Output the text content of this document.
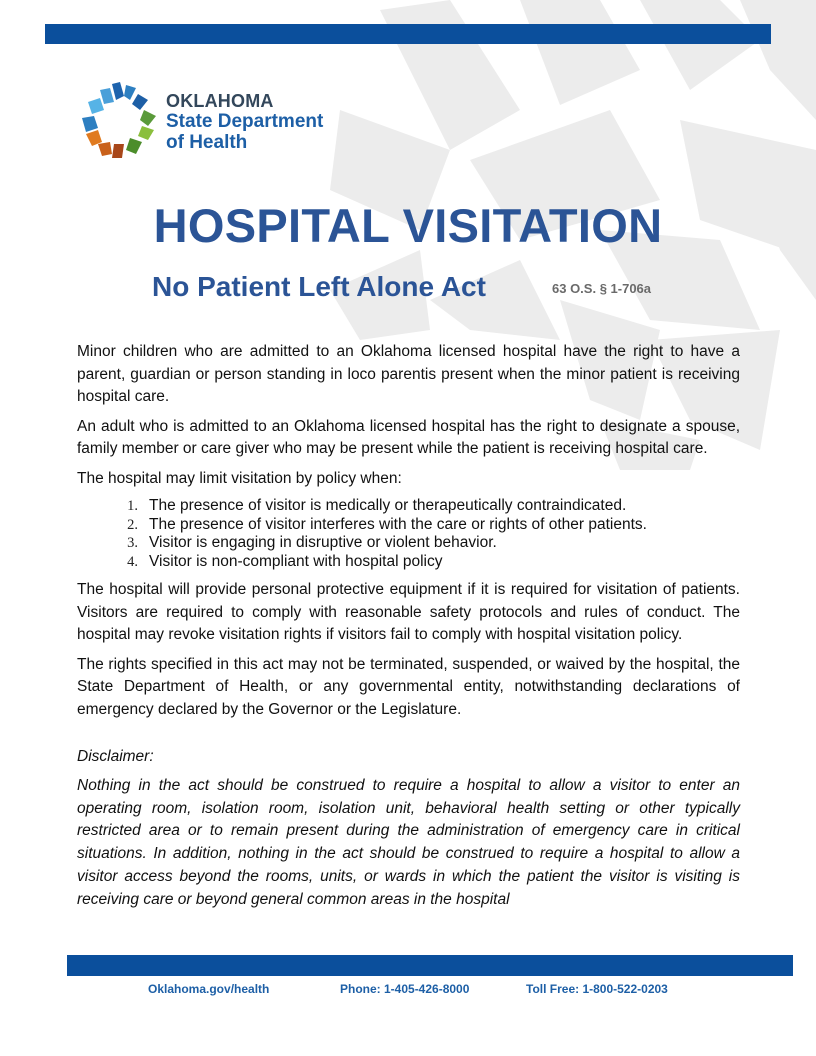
OKLAHOMA
State Department
of Health
HOSPITAL VISITATION
No Patient Left Alone Act	63 O.S. § 1-706a

Minor children who are admitted to an Oklahoma licensed hospital have the right to have a parent, guardian or person standing in loco parentis present when the minor patient is receiving hospital care.

An adult who is admitted to an Oklahoma licensed hospital has the right to designate a spouse, family member or care giver who may be present while the patient is receiving hospital care.

The hospital may limit visitation by policy when:

1. The presence of visitor is medically or therapeutically contraindicated.
2. The presence of visitor interferes with the care or rights of other patients.
3. Visitor is engaging in disruptive or violent behavior.
4. Visitor is non-compliant with hospital policy

The hospital will provide personal protective equipment if it is required for visitation of patients. Visitors are required to comply with reasonable safety protocols and rules of conduct. The hospital may revoke visitation rights if visitors fail to comply with hospital visitation policy.

The rights specified in this act may not be terminated, suspended, or waived by the hospital, the State Department of Health, or any governmental entity, notwithstanding declarations of emergency declared by the Governor or the Legislature.

Disclaimer:

Nothing in the act should be construed to require a hospital to allow a visitor to enter an operating room, isolation room, isolation unit, behavioral health setting or other typically restricted area or to remain present during the administration of emergency care in critical situations. In addition, nothing in the act should be construed to require a hospital to allow a visitor access beyond the rooms, units, or wards in which the patient the visitor is visiting is receiving care or beyond general common areas in the hospital

Oklahoma.gov/health	Phone: 1-405-426-8000	Toll Free: 1-800-522-0203
